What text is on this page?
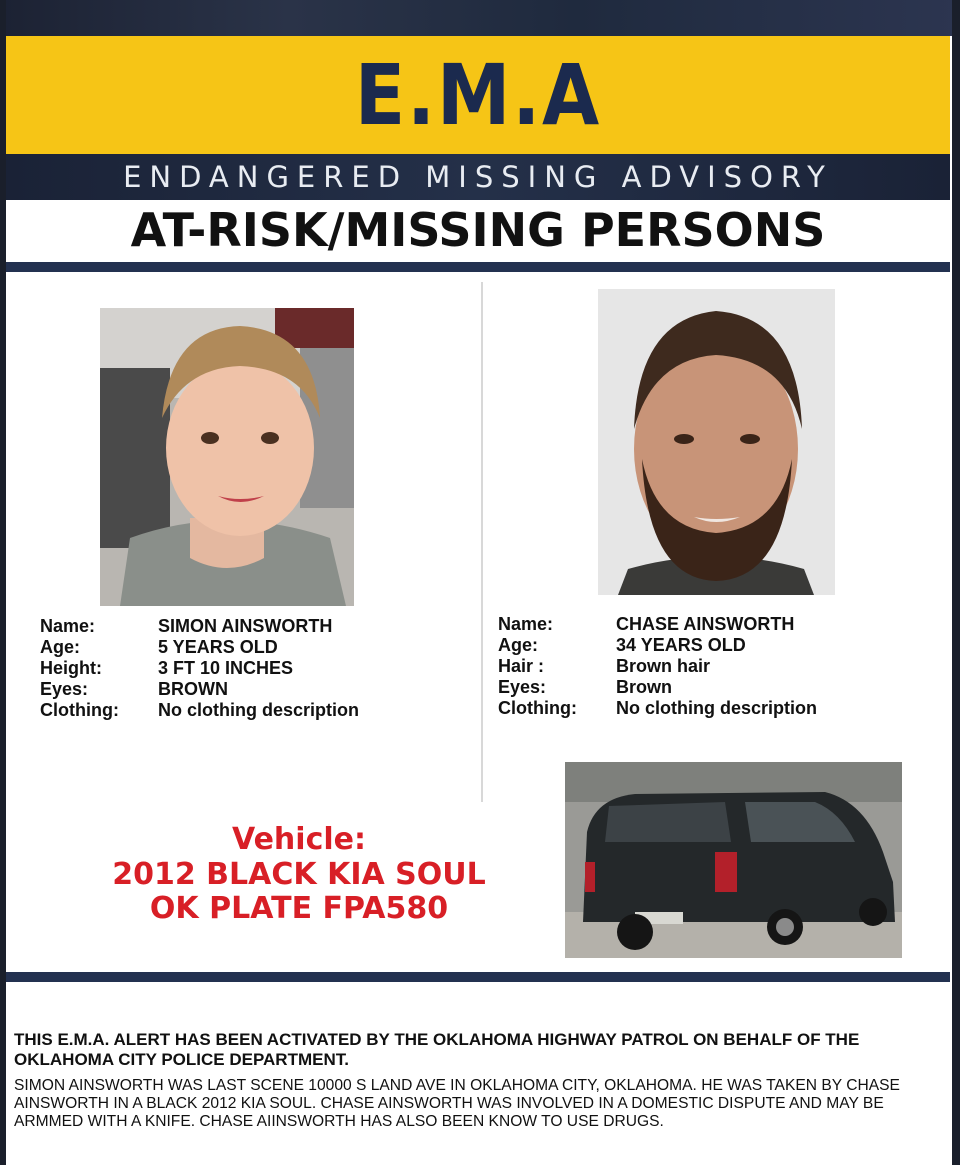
E.M.A
ENDANGERED MISSING ADVISORY
AT-RISK/MISSING PERSONS
Name:	SIMON AINSWORTH
Age:	5 YEARS OLD
Height:	3 FT 10 INCHES
Eyes:	BROWN
Clothing:	No clothing description
Name:	CHASE AINSWORTH
Age:	34 YEARS OLD
Hair :	Brown hair
Eyes:	Brown
Clothing:	No clothing description
Vehicle:
2012 BLACK KIA SOUL
OK PLATE FPA580
THIS E.M.A. ALERT HAS BEEN ACTIVATED BY THE OKLAHOMA HIGHWAY PATROL ON BEHALF OF THE OKLAHOMA CITY POLICE DEPARTMENT.
SIMON AINSWORTH WAS LAST SCENE 10000 S LAND AVE IN OKLAHOMA CITY, OKLAHOMA. HE WAS TAKEN BY CHASE AINSWORTH IN A BLACK 2012 KIA SOUL. CHASE AINSWORTH WAS INVOLVED IN A DOMESTIC DISPUTE AND MAY BE ARMMED WITH A KNIFE. CHASE AIINSWORTH HAS ALSO BEEN KNOW TO USE DRUGS.
